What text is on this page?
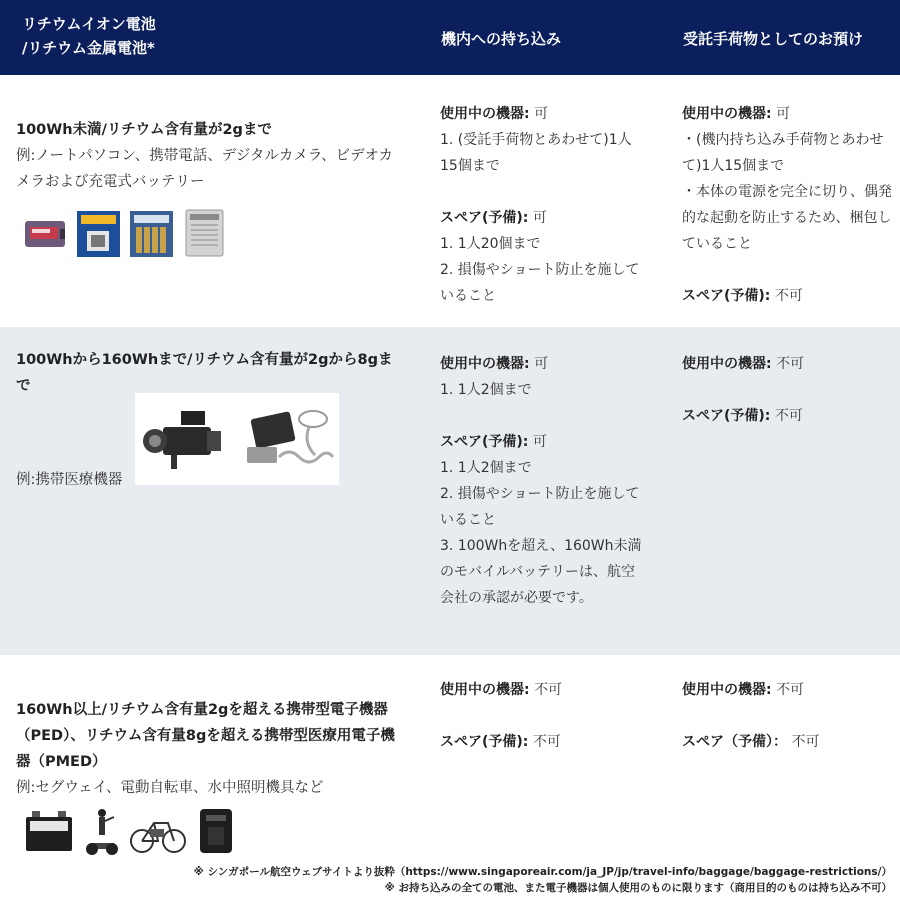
リチウムイオン電池
/リチウム金属電池*	機内への持ち込み	受託手荷物としてのお預け
100Wh未満/リチウム含有量が2gまで
例:ノートパソコン、携帯電話、デジタルカメラ、ビデオカメラおよび充電式バッテリー
使用中の機器: 可
1. (受託手荷物とあわせて)1人15個まで
スペア(予備): 可
1. 1人20個まで
2. 損傷やショート防止を施していること
使用中の機器: 可
・(機内持ち込み手荷物とあわせて)1人15個まで
・本体の電源を完全に切り、偶発的な起動を防止するため、梱包していること
スペア(予備): 不可
100Whから160Whまで/リチウム含有量が2gから8gまで
例:携帯医療機器
使用中の機器: 可
1. 1人2個まで
スペア(予備): 可
1. 1人2個まで
2. 損傷やショート防止を施していること
3. 100Whを超え、160Wh未満のモバイルバッテリーは、航空会社の承認が必要です。
使用中の機器: 不可
スペア(予備): 不可
160Wh以上/リチウム含有量2gを超える携帯型電子機器（PED）、リチウム含有量8gを超える携帯型医療用電子機器（PMED）
例:セグウェイ、電動自転車、水中照明機具など
使用中の機器: 不可
スペア(予備): 不可
使用中の機器: 不可
スペア（予備）： 不可
※ シンガポール航空ウェブサイトより抜粋（https://www.singaporeair.com/ja_JP/jp/travel-info/baggage/baggage-restrictions/）
※ お持ち込みの全ての電池、また電子機器は個人使用のものに限ります（商用目的のものは持ち込み不可）
